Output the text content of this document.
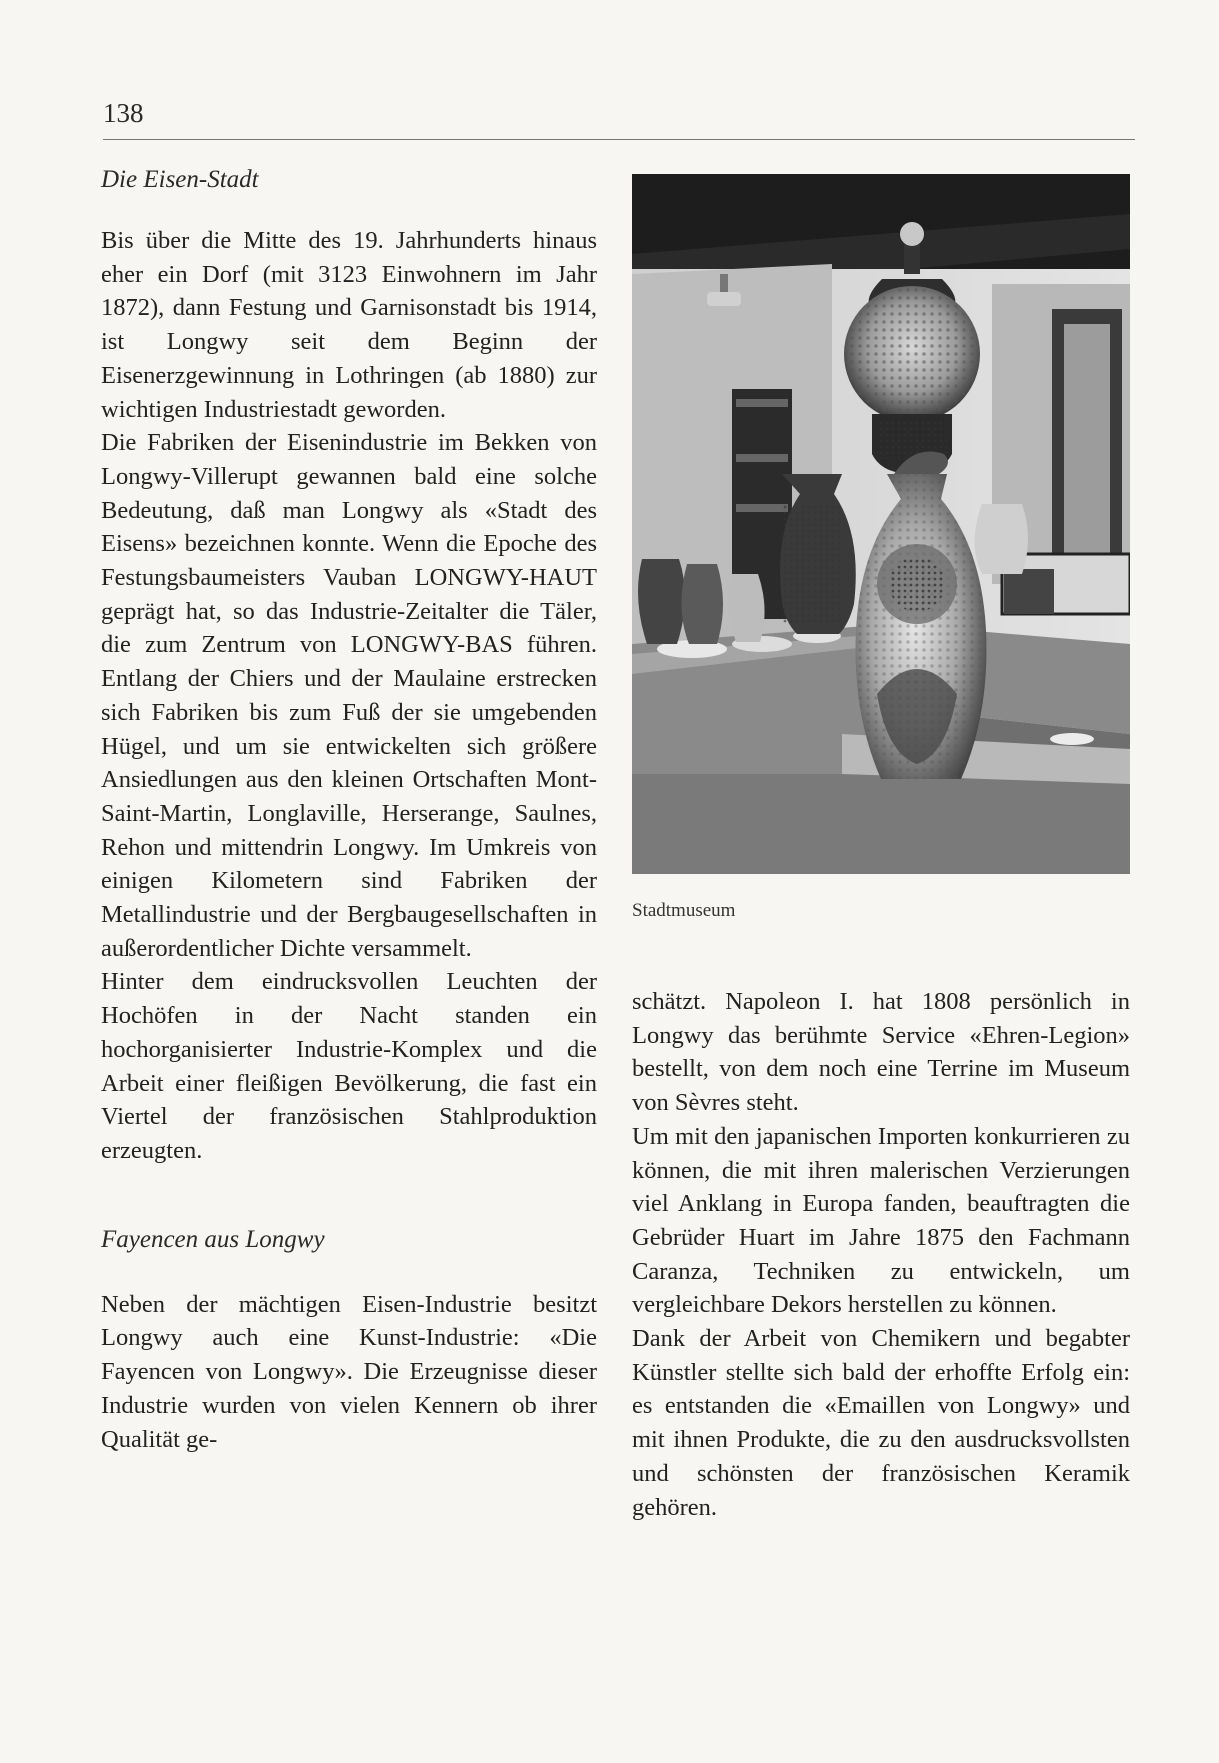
138
Die Eisen-Stadt

Bis über die Mitte des 19. Jahrhunderts hinaus eher ein Dorf (mit 3123 Einwohnern im Jahr 1872), dann Festung und Garnisonstadt bis 1914, ist Longwy seit dem Beginn der Eisenerzgewinnung in Lothringen (ab 1880) zur wichtigen Industriestadt geworden.

Die Fabriken der Eisenindustrie im Bekken von Longwy-Villerupt gewannen bald eine solche Bedeutung, daß man Longwy als «Stadt des Eisens» bezeichnen konnte. Wenn die Epoche des Festungsbaumeisters Vauban LONGWY-HAUT geprägt hat, so das Industrie-Zeitalter die Täler, die zum Zentrum von LONGWY-BAS führen. Entlang der Chiers und der Maulaine erstrecken sich Fabriken bis zum Fuß der sie umgebenden Hügel, und um sie entwickelten sich größere Ansiedlungen aus den kleinen Ortschaften Mont-Saint-Martin, Longlaville, Herserange, Saulnes, Rehon und mittendrin Longwy. Im Umkreis von einigen Kilometern sind Fabriken der Metallindustrie und der Bergbaugesellschaften in außerordentlicher Dichte versammelt.

Hinter dem eindrucksvollen Leuchten der Hochöfen in der Nacht standen ein hochorganisierter Industrie-Komplex und die Arbeit einer fleißigen Bevölkerung, die fast ein Viertel der französischen Stahlproduktion erzeugten.

Fayencen aus Longwy

Neben der mächtigen Eisen-Industrie besitzt Longwy auch eine Kunst-Industrie: «Die Fayencen von Longwy». Die Erzeugnisse dieser Industrie wurden von vielen Kennern ob ihrer Qualität ge-

Stadtmuseum

schätzt. Napoleon I. hat 1808 persönlich in Longwy das berühmte Service «Ehren-Legion» bestellt, von dem noch eine Terrine im Museum von Sèvres steht.

Um mit den japanischen Importen konkurrieren zu können, die mit ihren malerischen Verzierungen viel Anklang in Europa fanden, beauftragten die Gebrüder Huart im Jahre 1875 den Fachmann Caranza, Techniken zu entwickeln, um vergleichbare Dekors herstellen zu können.

Dank der Arbeit von Chemikern und begabter Künstler stellte sich bald der erhoffte Erfolg ein: es entstanden die «Emaillen von Longwy» und mit ihnen Produkte, die zu den ausdrucksvollsten und schönsten der französischen Keramik gehören.
